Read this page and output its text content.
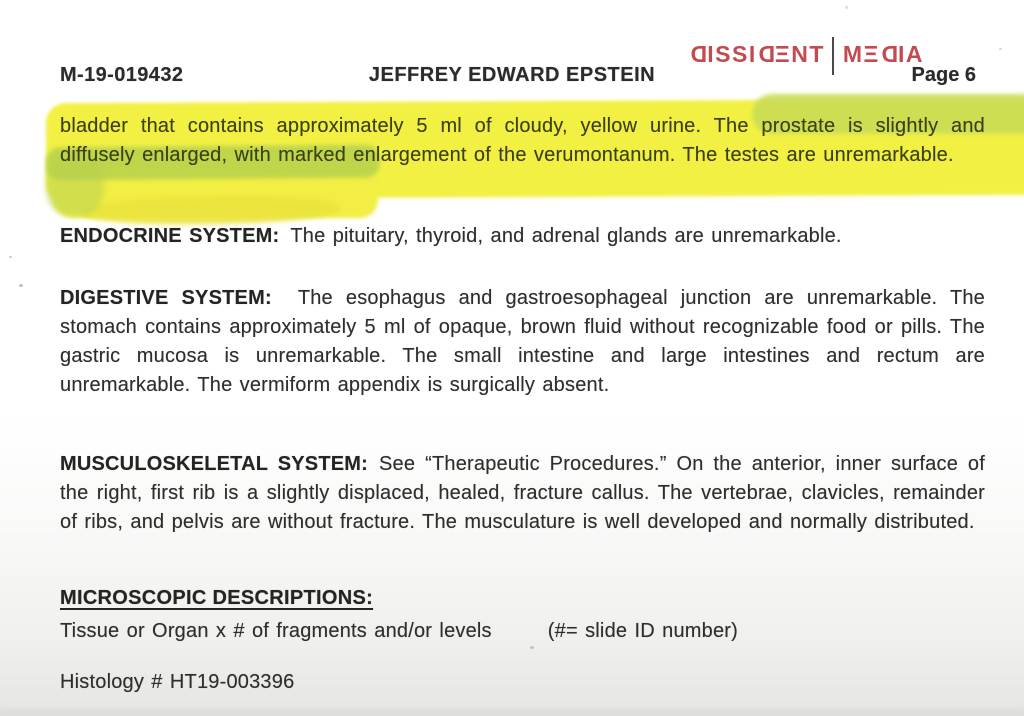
DISSIDΞNT MΞDIA
M-19-019432	JEFFREY EDWARD EPSTEIN	Page 6

bladder that contains approximately 5 ml of cloudy, yellow urine. The prostate is slightly and diffusely enlarged, with marked enlargement of the verumontanum. The testes are unremarkable.

ENDOCRINE SYSTEM: The pituitary, thyroid, and adrenal glands are unremarkable.

DIGESTIVE SYSTEM: The esophagus and gastroesophageal junction are unremarkable. The stomach contains approximately 5 ml of opaque, brown fluid without recognizable food or pills. The gastric mucosa is unremarkable. The small intestine and large intestines and rectum are unremarkable. The vermiform appendix is surgically absent.

MUSCULOSKELETAL SYSTEM: See “Therapeutic Procedures.” On the anterior, inner surface of the right, first rib is a slightly displaced, healed, fracture callus. The vertebrae, clavicles, remainder of ribs, and pelvis are without fracture. The musculature is well developed and normally distributed.

MICROSCOPIC DESCRIPTIONS:

Tissue or Organ x # of fragments and/or levels	(#= slide ID number)

Histology # HT19-003396
